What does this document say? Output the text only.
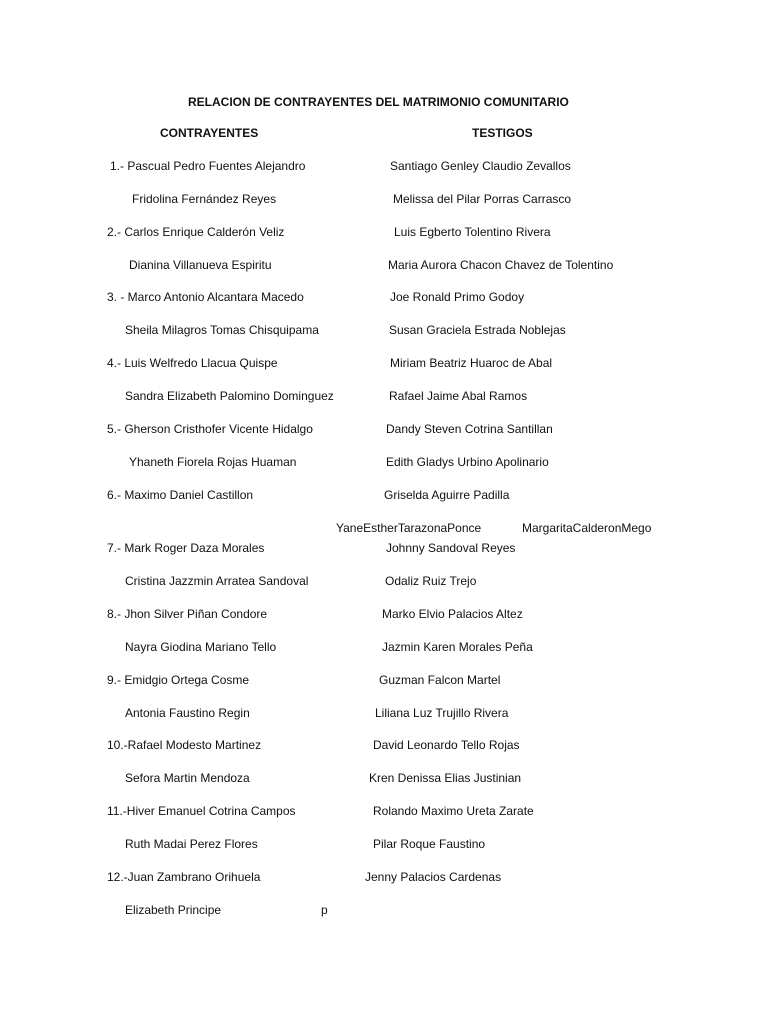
RELACION DE CONTRAYENTES DEL MATRIMONIO COMUNITARIO
CONTRAYENTES	TESTIGOS
1.- Pascual Pedro Fuentes Alejandro	Santiago Genley Claudio Zevallos
Fridolina Fernández Reyes	Melissa del Pilar Porras Carrasco
2.- Carlos Enrique Calderón Veliz	Luis Egberto Tolentino Rivera
Dianina Villanueva Espiritu	Maria Aurora Chacon Chavez de Tolentino
3. - Marco Antonio Alcantara Macedo	Joe Ronald Primo Godoy
Sheila Milagros Tomas Chisquipama	Susan Graciela Estrada Noblejas
4.- Luis Welfredo Llacua Quispe	Miriam Beatriz Huaroc de Abal
Sandra Elizabeth Palomino Dominguez	Rafael Jaime Abal Ramos
5.- Gherson Cristhofer Vicente Hidalgo	Dandy Steven Cotrina Santillan
Yhaneth Fiorela Rojas Huaman	Edith Gladys Urbino Apolinario
6.- Maximo Daniel Castillon	Griselda Aguirre Padilla
YaneEstherTarazonaPonce	MargaritaCalderonMego
7.- Mark Roger Daza Morales	Johnny Sandoval Reyes
Cristina Jazzmin Arratea Sandoval	Odaliz Ruiz Trejo
8.- Jhon Silver Piñan Condore	Marko Elvio Palacios Altez
Nayra Giodina Mariano Tello	Jazmin Karen Morales Peña
9.- Emidgio Ortega Cosme	Guzman Falcon Martel
Antonia Faustino Regin	Liliana Luz Trujillo Rivera
10.-Rafael Modesto Martinez	David Leonardo Tello Rojas
Sefora Martin Mendoza	Kren Denissa Elias Justinian
11.-Hiver Emanuel Cotrina Campos	Rolando Maximo Ureta Zarate
Ruth Madai Perez Flores	Pilar Roque Faustino
12.-Juan Zambrano Orihuela	Jenny Palacios Cardenas
Elizabeth Principe	p
